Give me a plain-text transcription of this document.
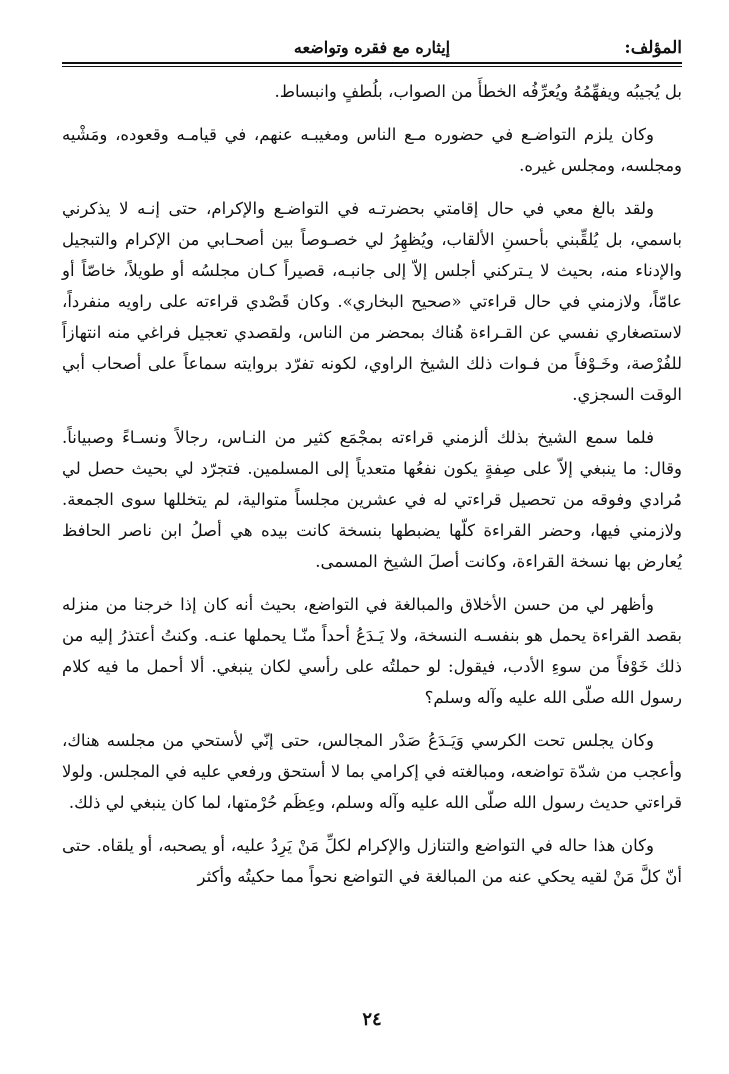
المؤلف:
إيثاره مع فقره وتواضعه

بل يُجيبُه ويفهِّمُهُ ويُعرِّفُه الخطأَ من الصواب، بلُطفٍ وانبساط.

وكان يلزم التواضـع في حضوره مـع الناس ومغيبـه عنهم، في قيامـه وقعوده، ومَشْيه ومجلسه، ومجلس غيره.

ولقد بالغ معي في حال إقامتي بحضرتـه في التواضـع والإكرام، حتى إنـه لا يذكرني باسمي، بل يُلقِّبني بأحسنِ الألقاب، ويُظهِرُ لي خصـوصاً بين أصحـابي من الإكرام والتبجيل والإدناء منه، بحيث لا يـتركني أجلس إلاّ إلى جانبـه، قصيراً كـان مجلسُه أو طويلاً، خاصّاً أو عامّاً، ولازمني في حال قراءتي «صحيح البخاري». وكان قَصْدي قراءته على راويه منفرداً، لاستصغاري نفسي عن القـراءة هُناك بمحضر من الناس، ولقصدي تعجيل فراغي منه انتهازاً للفُرْصة، وخَـوْفاً من فـوات ذلك الشيخ الراوي، لكونه تفرّد بروايته سماعاً على أصحاب أبي الوقت السجزي.

فلما سمع الشيخ بذلك ألزمني قراءته بمجْمَع كثير من النـاس، رجالاً ونسـاءً وصبياناً. وقال: ما ينبغي إلاّ على صِفةٍ يكون نفعُها متعدياً إلى المسلمين. فتجرّد لي بحيث حصل لي مُرادي وفوقه من تحصيل قراءتي له في عشرين مجلساً متوالية، لم يتخللها سوى الجمعة. ولازمني فيها، وحضر القراءة كلّها يضبطها بنسخة كانت بيده هي أصلُ ابن ناصر الحافظ يُعارض بها نسخة القراءة، وكانت أصلَ الشيخ المسمى.

وأظهر لي من حسن الأخلاق والمبالغة في التواضع، بحيث أنه كان إذا خرجنا من منزله بقصد القراءة يحمل هو بنفسـه النسخة، ولا يَـدَعُ أحداً منّـا يحملها عنـه. وكنتُ أعتذرُ إليه من ذلك خَوْفاً من سوءِ الأدب، فيقول: لو حملتُه على رأسي لكان ينبغي. ألا أحمل ما فيه كلام رسول الله صلّى الله عليه وآله وسلم؟

وكان يجلس تحت الكرسي وَيَـدَعُ صَدْر المجالس، حتى إنّي لأستحي من مجلسه هناك، وأعجب من شدّة تواضعه، ومبالغته في إكرامي بما لا أستحق ورفعي عليه في المجلس. ولولا قراءتي حديث رسول الله صلّى الله عليه وآله وسلم، وعِظَم حُرْمتها، لما كان ينبغي لي ذلك.

وكان هذا حاله في التواضع والتنازل والإكرام لكلِّ مَنْ يَرِدُ عليه، أو يصحبه، أو يلقاه. حتى أنّ كلَّ مَنْ لقيه يحكي عنه من المبالغة في التواضع نحواً مما حكيتُه وأكثر

٢٤
